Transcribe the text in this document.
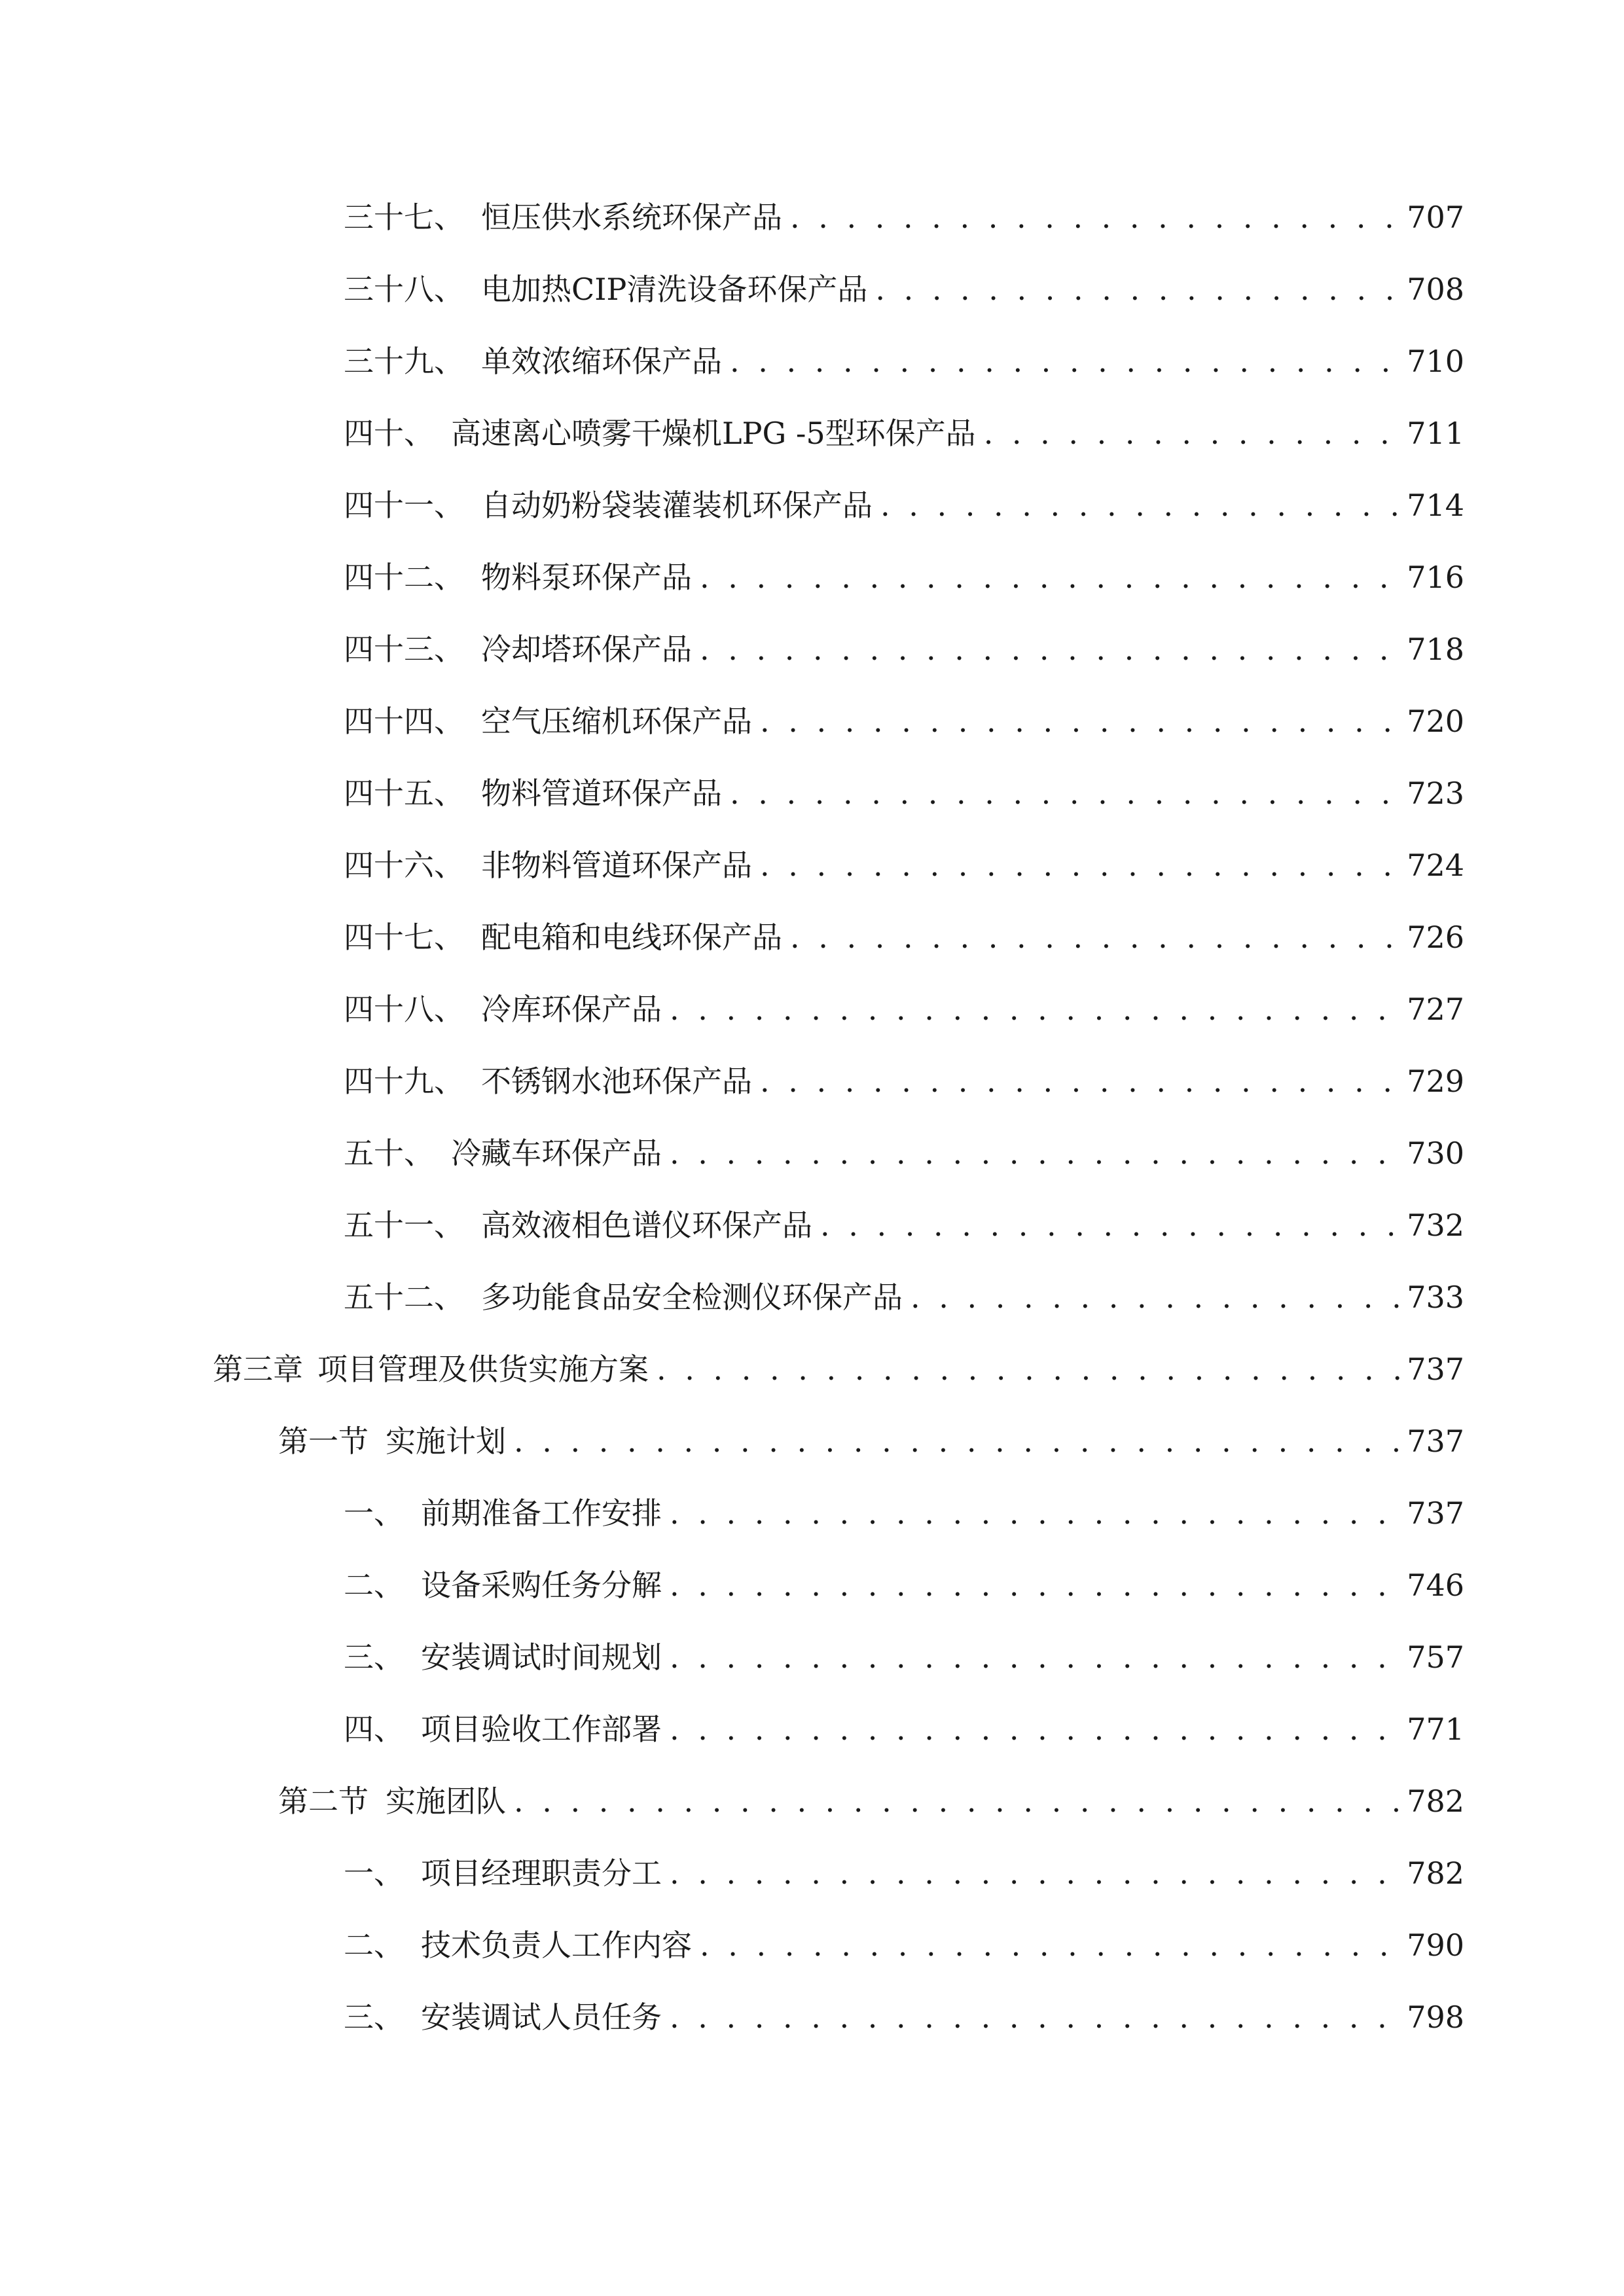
三十七、 恒压供水系统环保产品 . . .	707
三十八、 电加热CIP清洗设备环保产品 . . .	708
三十九、 单效浓缩环保产品 . . .	710
四十、 高速离心喷雾干燥机LPG -5型环保产品 . . .	711
四十一、 自动奶粉袋装灌装机环保产品 . . .	714
四十二、 物料泵环保产品 . . .	716
四十三、 冷却塔环保产品 . . .	718
四十四、 空气压缩机环保产品 . . .	720
四十五、 物料管道环保产品 . . .	723
四十六、 非物料管道环保产品 . . .	724
四十七、 配电箱和电线环保产品 . . .	726
四十八、 冷库环保产品 . . .	727
四十九、 不锈钢水池环保产品 . . .	729
五十、 冷藏车环保产品 . . .	730
五十一、 高效液相色谱仪环保产品 . . .	732
五十二、 多功能食品安全检测仪环保产品 . . .	733
第三章 项目管理及供货实施方案 . . .	737
第一节 实施计划 . . .	737
一、 前期准备工作安排 . . .	737
二、 设备采购任务分解 . . .	746
三、 安装调试时间规划 . . .	757
四、 项目验收工作部署 . . .	771
第二节 实施团队 . . .	782
一、 项目经理职责分工 . . .	782
二、 技术负责人工作内容 . . .	790
三、 安装调试人员任务 . . .	798
